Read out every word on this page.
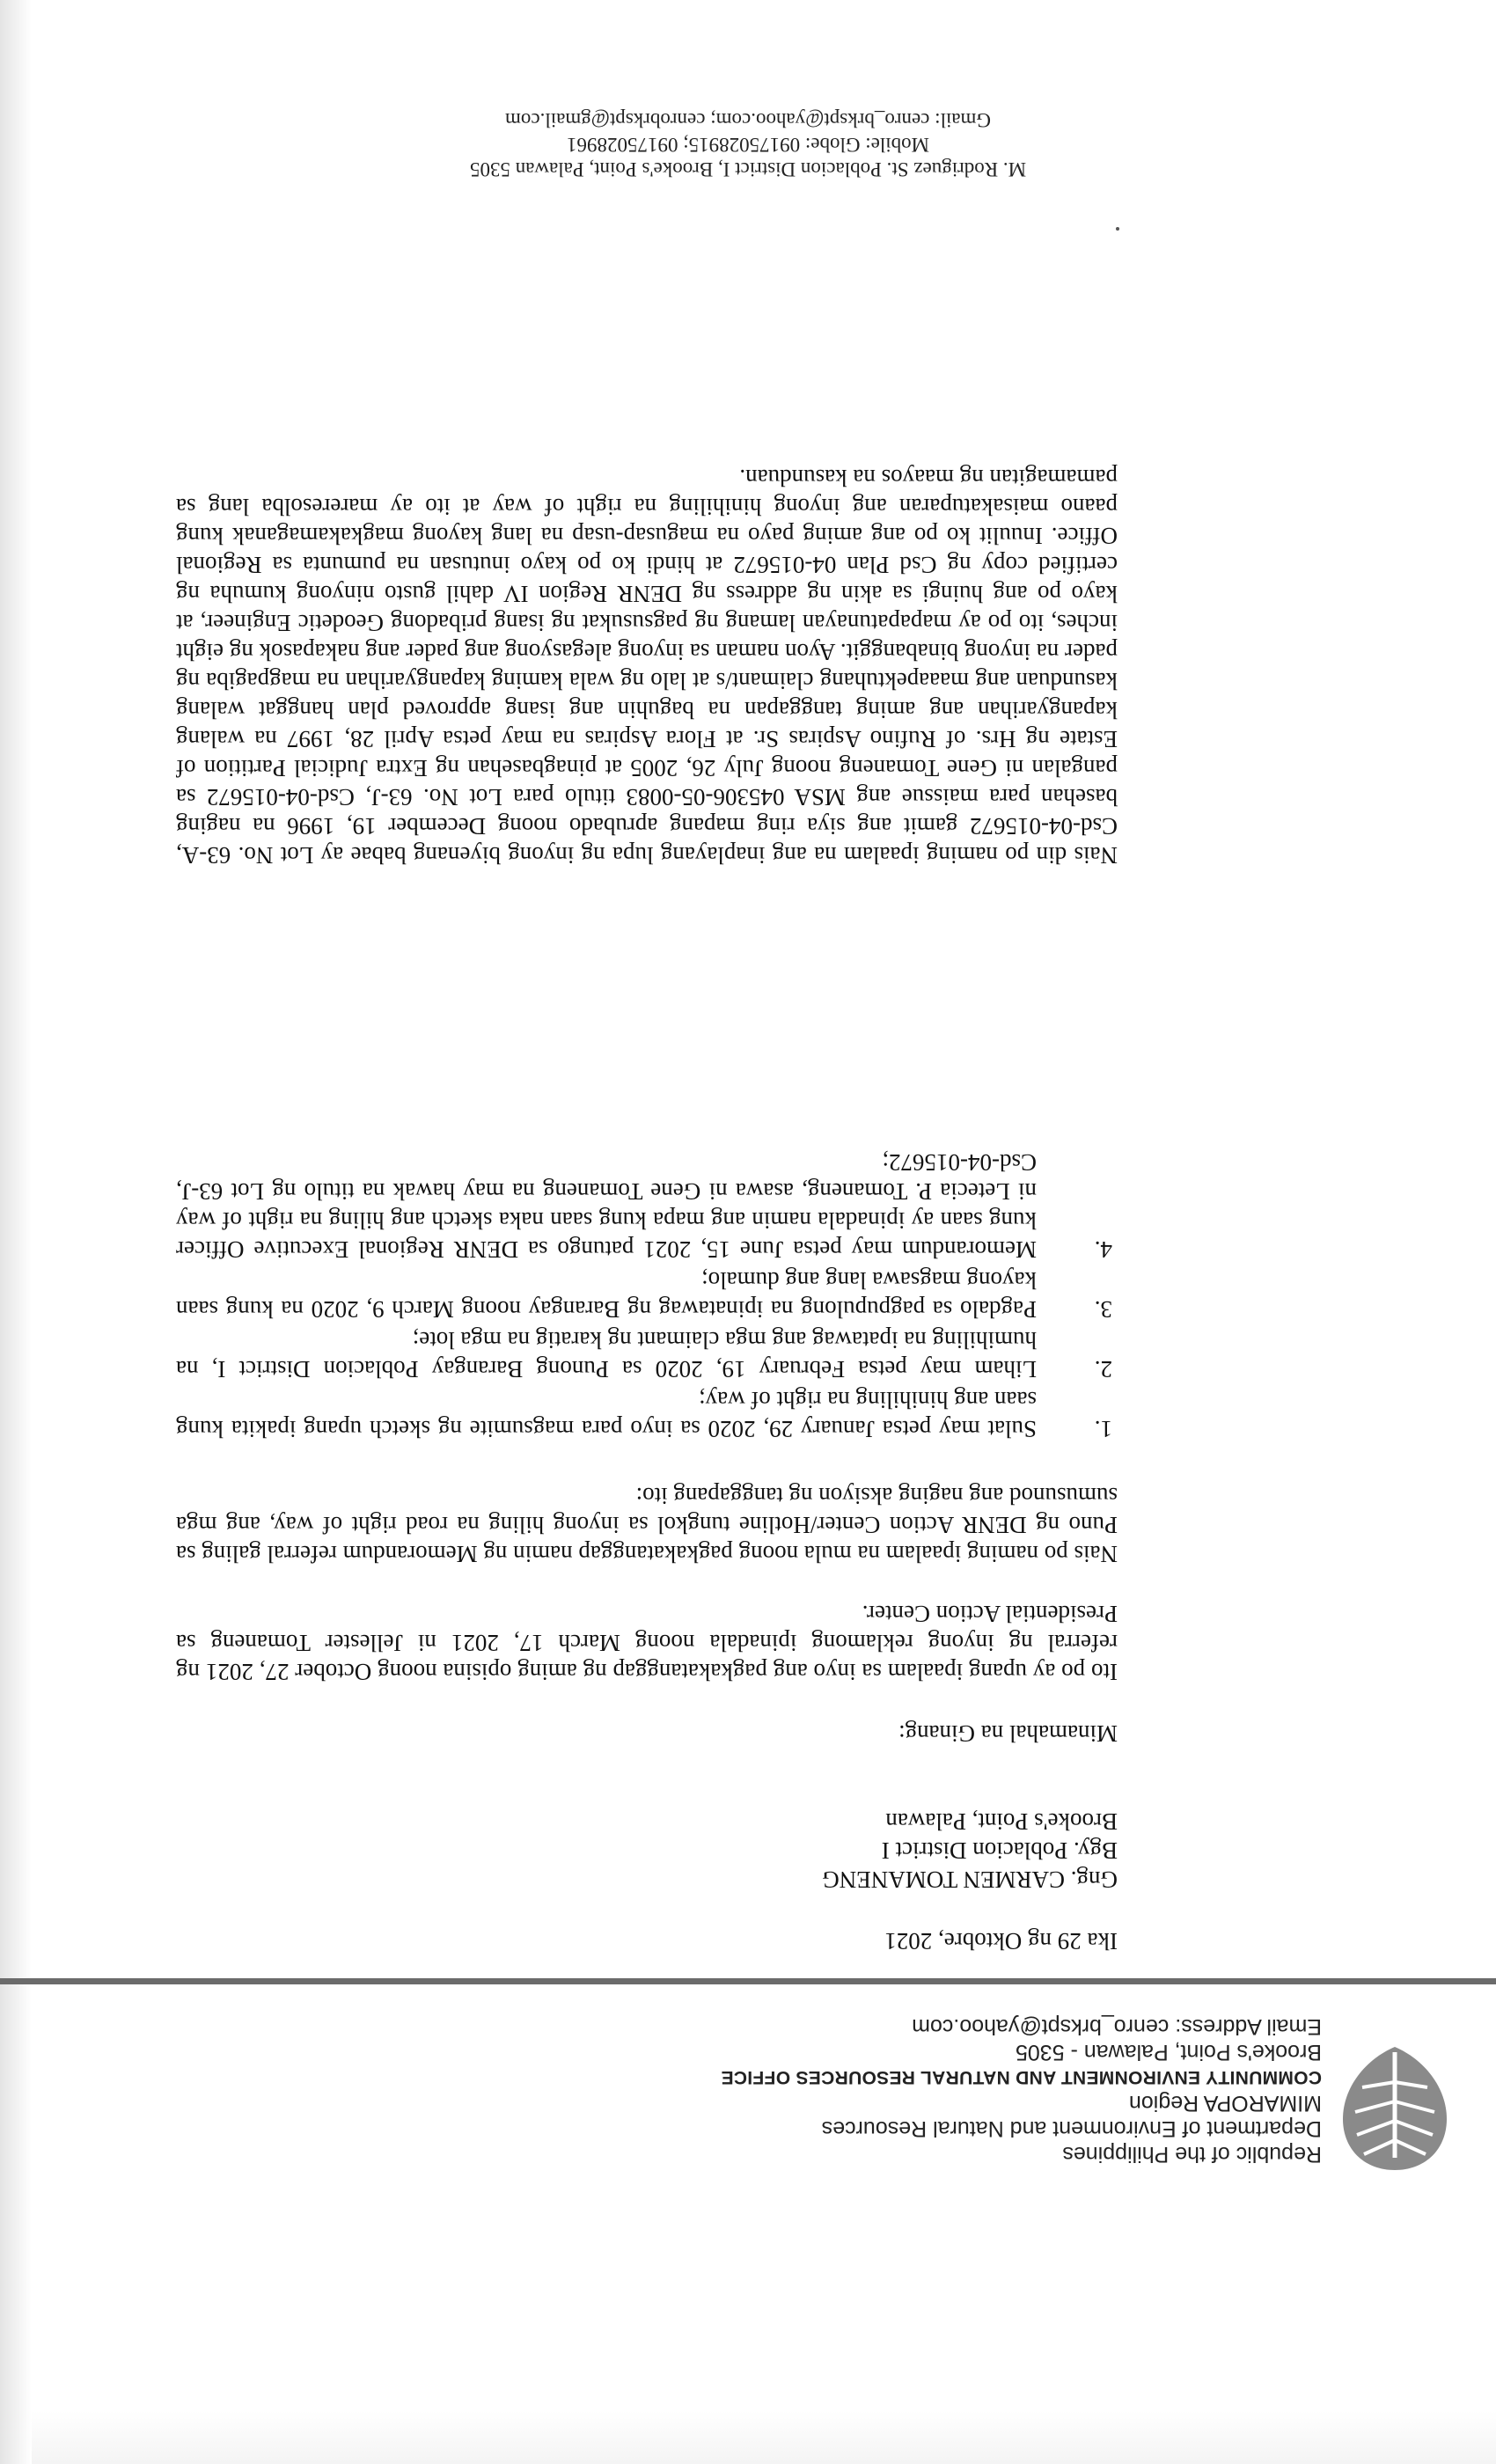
Republic of the Philippines
Department of Environment and Natural Resources
MIMAROPA Region
COMMUNITY ENVIRONMENT AND NATURAL RESOURCES OFFICE
Brooke's Point, Palawan - 5305
Email Address: cenro_brkspt@yahoo.com
Ika 29 ng Oktobre, 2021
Gng. CARMEN TOMANENG
Bgy. Poblacion District I
Brooke's Point, Palawan
Minamahal na Ginang:
Ito po ay upang ipaalam sa inyo ang pagkakatanggap ng aming opisina noong October 27, 2021 ng referral ng inyong reklamong ipinadala noong March 17, 2021 ni Jellester Tomaneng sa Presidential Action Center.
Nais po naming ipaalam na mula noong pagkakatanggap namin ng Memorandum referral galing sa Puno ng DENR Action Center/Hotline tungkol sa inyong hiling na road right of way, ang mga sumusunod ang naging aksiyon ng tanggapang ito:
1.
Sulat may petsa January 29, 2020 sa inyo para magsumite ng sketch upang ipakita kung saan ang hinihiling na right of way;
2.
Liham may petsa February 19, 2020 sa Punong Barangay Poblacion District I, na humihiling na ipatawag ang mga claimant ng karatig na mga lote;
3.
Pagdalo sa pagpupulong na ipinatawag ng Barangay noong March 9, 2020 na kung saan kayong magsawa lang ang dumalo;
4.
Memorandum may petsa June 15, 2021 patungo sa DENR Regional Executive Officer kung saan ay ipinadala namin ang mapa kung saan naka sketch ang hiling na right of way ni Letecia P. Tomaneng, asawa ni Gene Tomaneng na may hawak na titulo ng Lot 63-J, Csd-04-015672;
Nais din po naming ipaalam na ang inaplayang lupa ng inyong biyenang babae ay Lot No. 63-A, Csd-04-015672 gamit ang siya ring mapang aprubado noong December 19, 1996 na naging basehan para maissue ang MSA 045306-05-0083 titulo para Lot No. 63-J, Csd-04-015672 sa pangalan ni Gene Tomaneng noong July 26, 2005 at pinagbasehan ng Extra Judicial Partition of Estate ng Hrs. of Rufino Aspiras Sr. at Flora Aspiras na may petsa April 28, 1997 na walang kapangyarihan ang aming tanggapan na baguhin ang isang approved plan hanggat walang kasunduan ang maaapektuhang claimant/s at lalo ng wala kaming kapangyarihan na magpagiba ng pader na inyong binabanggit. Ayon naman sa inyong alegasyong ang pader ang nakapasok ng eight inches, ito po ay mapapatunayan lamang ng pagsusukat ng isang pribadong Geodetic Engineer, at kayo po ang huingi sa akin ng address ng DENR Region IV dahil gusto ninyong kumuha ng certified copy ng Csd Plan 04-015672 at hindi ko po kayo inutusan na pumunta sa Regional Office. Inuulit ko po ang aming payo na magusap-usap na lang kayong magkakamaganak kung paano maisakatuparan ang inyong hinihiling na right of way at ito ay mareresolba lang sa pamamagitan ng maayos na kasunduan.
M. Rodriguez St. Poblacion District I, Brooke's Point, Palawan 5305
Mobile: Globe: 09175028915; 09175028961
Gmail: cenro_brkspt@yahoo.com; cenrobrkspt@gmail.com
